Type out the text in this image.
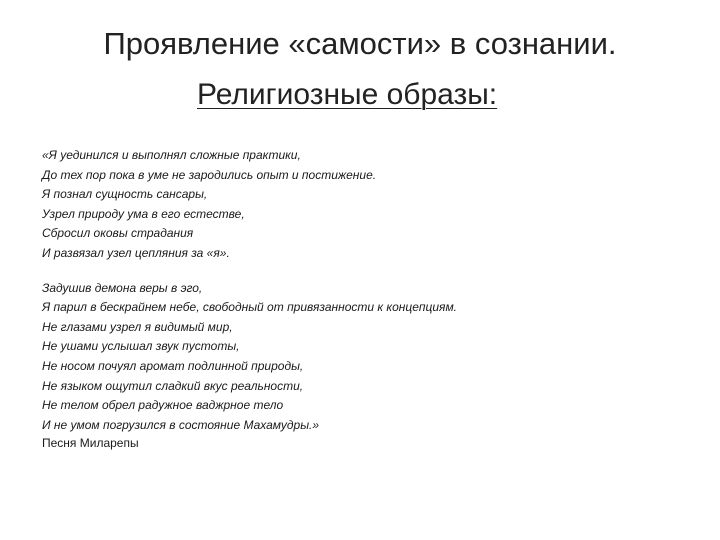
Проявление «самости» в сознании.
Религиозные образы:
«Я уединился и выполнял сложные практики,
До тех пор пока в уме не зародились опыт и постижение.
Я познал сущность сансары,
Узрел природу ума в его естестве,
Сбросил оковы страдания
И развязал узел цепляния за «я».
Задушив демона веры в эго,
Я парил в бескрайнем небе, свободный от привязанности к концепциям.
Не глазами узрел я видимый мир,
Не ушами услышал звук пустоты,
Не носом почуял аромат подлинной природы,
Не языком ощутил сладкий вкус реальности,
Не телом обрел радужное ваджрное тело
И не умом погрузился в состояние Махамудры.»
Песня Миларепы
